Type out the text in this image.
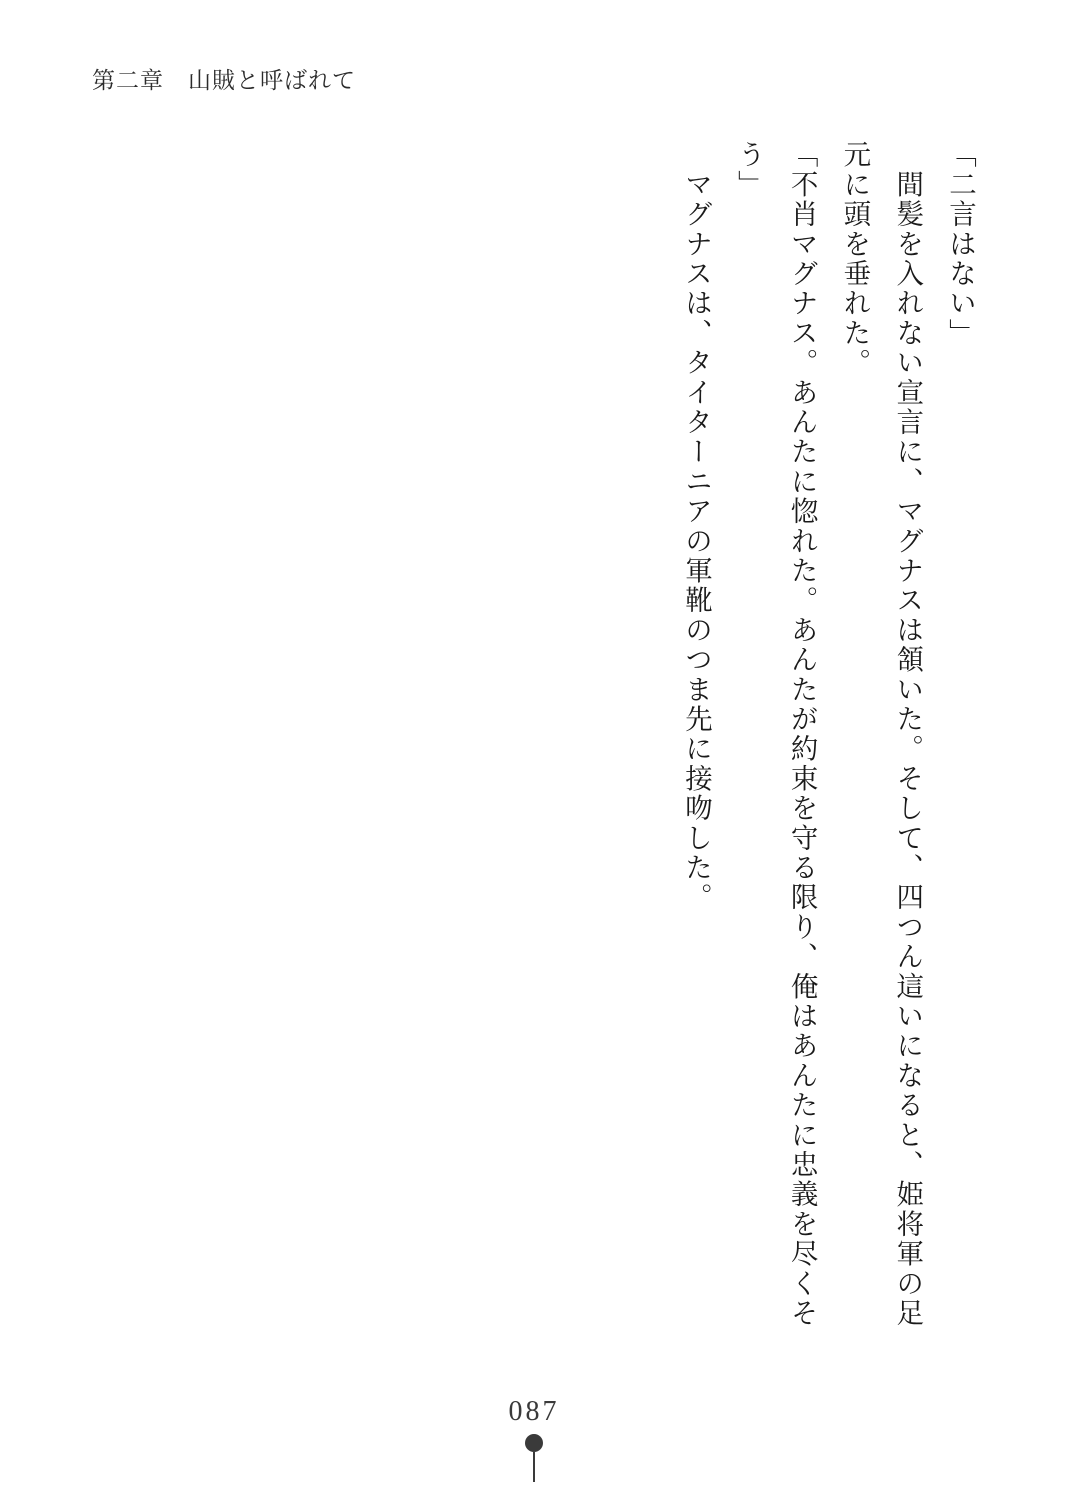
第二章　山賊と呼ばれて

「二言はない」

　間髪を入れない宣言に、マグナスは頷いた。そして、四つん這いになると、姫将軍の足元に頭を垂れた。

「不肖マグナス。あんたに惚れた。あんたが約束を守る限り、俺はあんたに忠義を尽くそう」

　マグナスは、タイターニアの軍靴のつま先に接吻した。

087
